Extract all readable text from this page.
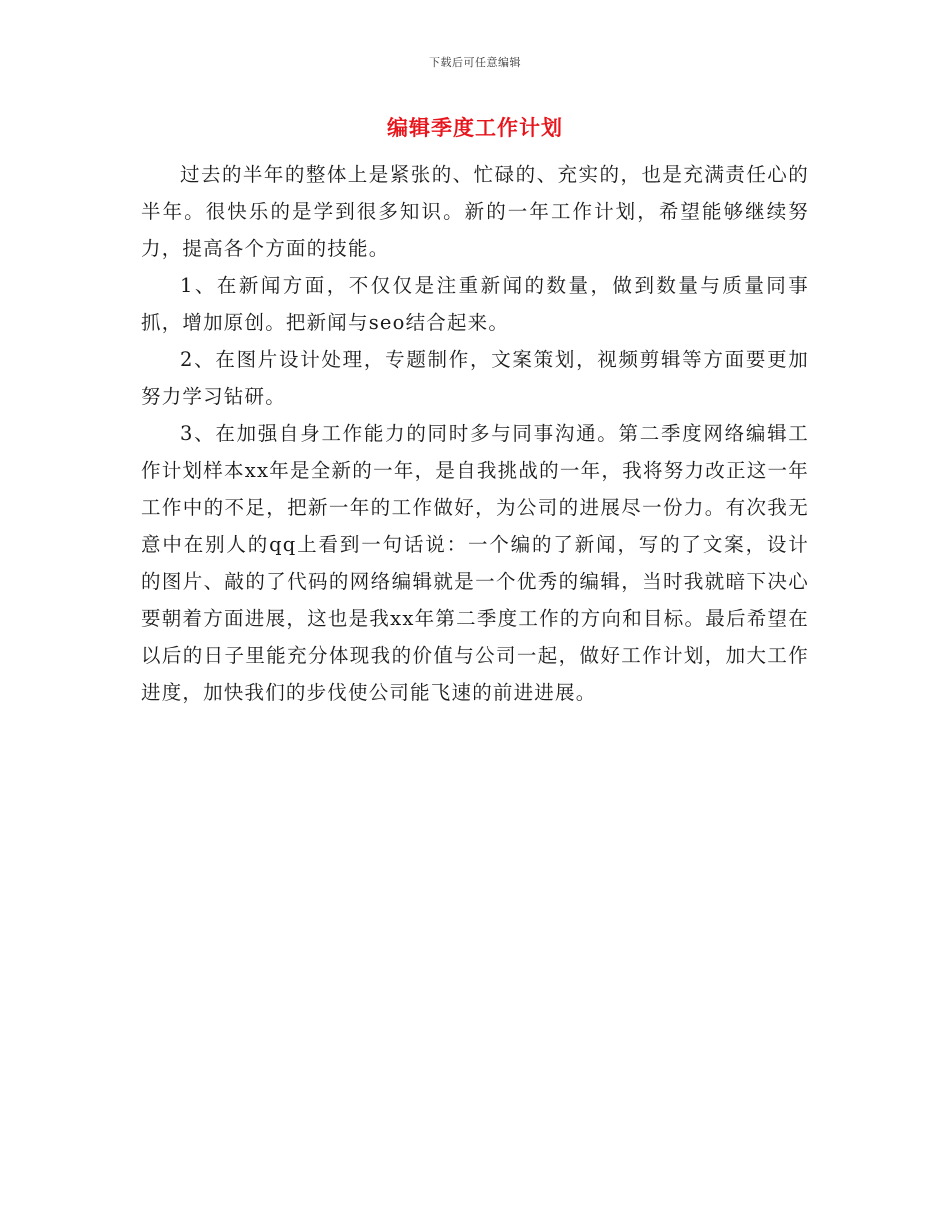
下载后可任意编辑
编辑季度工作计划

过去的半年的整体上是紧张的、忙碌的、充实的，也是充满责任心的半年。很快乐的是学到很多知识。新的一年工作计划，希望能够继续努力，提高各个方面的技能。

1、在新闻方面，不仅仅是注重新闻的数量，做到数量与质量同事抓，增加原创。把新闻与seo结合起来。

2、在图片设计处理，专题制作，文案策划，视频剪辑等方面要更加努力学习钻研。

3、在加强自身工作能力的同时多与同事沟通。第二季度网络编辑工作计划样本xx年是全新的一年，是自我挑战的一年，我将努力改正这一年工作中的不足，把新一年的工作做好，为公司的进展尽一份力。有次我无意中在别人的qq上看到一句话说：一个编的了新闻，写的了文案，设计的图片、敲的了代码的网络编辑就是一个优秀的编辑，当时我就暗下决心要朝着方面进展，这也是我xx年第二季度工作的方向和目标。最后希望在以后的日子里能充分体现我的价值与公司一起，做好工作计划，加大工作进度，加快我们的步伐使公司能飞速的前进进展。
